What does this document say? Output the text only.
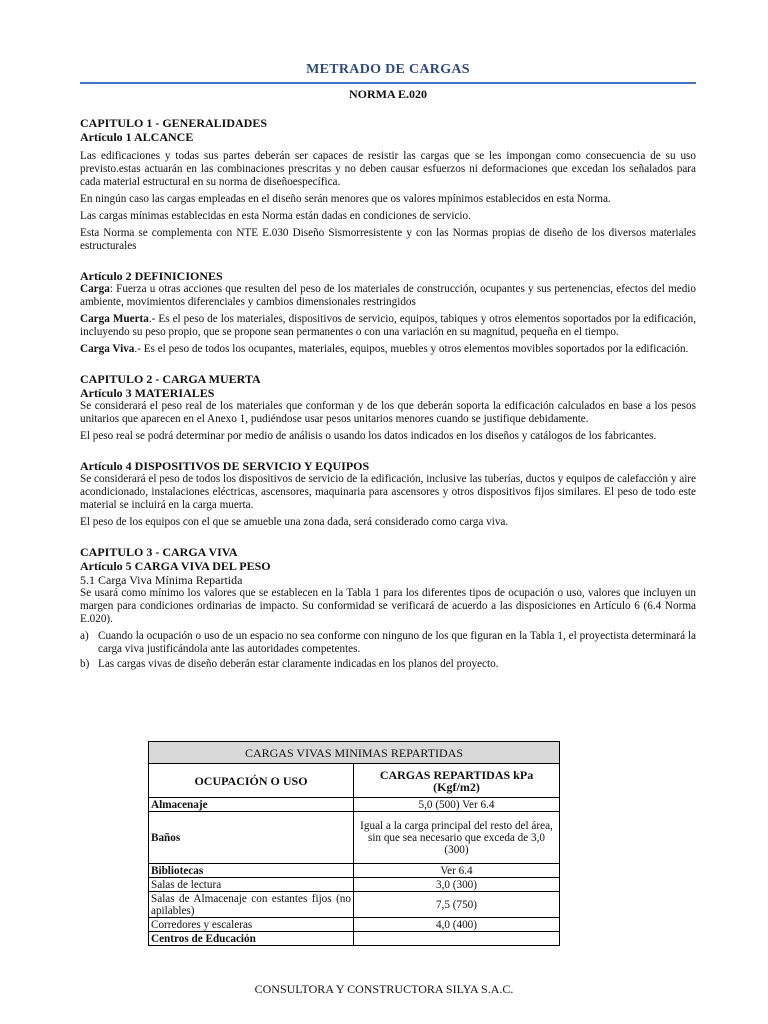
METRADO DE CARGAS
NORMA E.020
CAPITULO 1 - GENERALIDADES
Artículo 1 ALCANCE

Las edificaciones y todas sus partes deberán ser capaces de resistir las cargas que se les impongan como consecuencia de su uso previsto.estas actuarán en las combinaciones prescritas y no deben causar esfuerzos ni deformaciones que excedan los señalados para cada material estructural en su norma de diseñoespecífica.

En ningún caso las cargas empleadas en el diseño serán menores que os valores mpínimos establecidos en esta Norma.

Las cargas mínimas establecidas en esta Norma están dadas en condiciones de servicio.

Esta Norma se complementa con NTE E.030 Diseño Sismorresistente y con las Normas propias de diseño de los diversos materiales estructurales

Artículo 2 DEFINICIONES

Carga: Fuerza u otras acciones que resulten del peso de los materiales de construcción, ocupantes y sus pertenencias, efectos del medio ambiente, movimientos diferenciales y cambios dimensionales restringidos

Carga Muerta.- Es el peso de los materiales, dispositivos de servicio, equipos, tabiques y otros elementos soportados por la edificación, incluyendo su peso propio, que se propone sean permanentes o con una variación en su magnitud, pequeña en el tiempo.

Carga Viva.- Es el peso de todos los ocupantes, materiales, equipos, muebles y otros elementos movibles soportados por la edificación.

CAPITULO 2 - CARGA MUERTA
Artículo 3 MATERIALES

Se considerará el peso real de los materiales que conforman y de los que deberán soporta la edificación calculados en base a los pesos unitarios que aparecen en el Anexo 1, pudiéndose usar pesos unitarios menores cuando se justifique debidamente.

El peso real se podrá determinar por medio de análisis o usando los datos indicados en los diseños y catálogos de los fabricantes.

Artículo 4 DISPOSITIVOS DE SERVICIO Y EQUIPOS

Se considerará el peso de todos los dispositivos de servicio de la edificación, inclusive las tuberías, ductos y equipos de calefacción y aire acondicionado, instalaciones eléctricas, ascensores, maquinaria para ascensores y otros dispositivos fijos similares. El peso de todo este material se incluirá en la carga muerta.

El peso de los equipos con el que se amueble una zona dada, será considerado como carga viva.

CAPITULO 3 - CARGA VIVA
Artículo 5 CARGA VIVA DEL PESO
5.1 Carga Viva Mínima Repartida

Se usará como mínimo los valores que se establecen en la Tabla 1 para los diferentes tipos de ocupación o uso, valores que incluyen un margen para condiciones ordinarias de impacto. Su conformidad se verificará de acuerdo a las disposiciones en Artículo 6 (6.4 Norma E.020).

a) Cuando la ocupación o uso de un espacio no sea conforme con ninguno de los que figuran en la Tabla 1, el proyectista determinará la carga viva justificándola ante las autoridades competentes.
b) Las cargas vivas de diseño deberán estar claramente indicadas en los planos del proyecto.
CARGAS VIVAS MINIMAS REPARTIDAS	
OCUPACIÓN O USO	CARGAS REPARTIDAS kPa (Kgf/m2)
Almacenaje	5,0 (500) Ver 6.4
Baños	Igual a la carga principal del resto del área, sin que sea necesario que exceda de 3,0 (300)
Bibliotecas	Ver 6.4
Salas de lectura	3,0 (300)
Salas de Almacenaje con estantes fijos (no apilables)	7,5 (750)
Corredores y escaleras	4,0 (400)
Centros de Educación	
CONSULTORA Y CONSTRUCTORA SILYA S.A.C.
